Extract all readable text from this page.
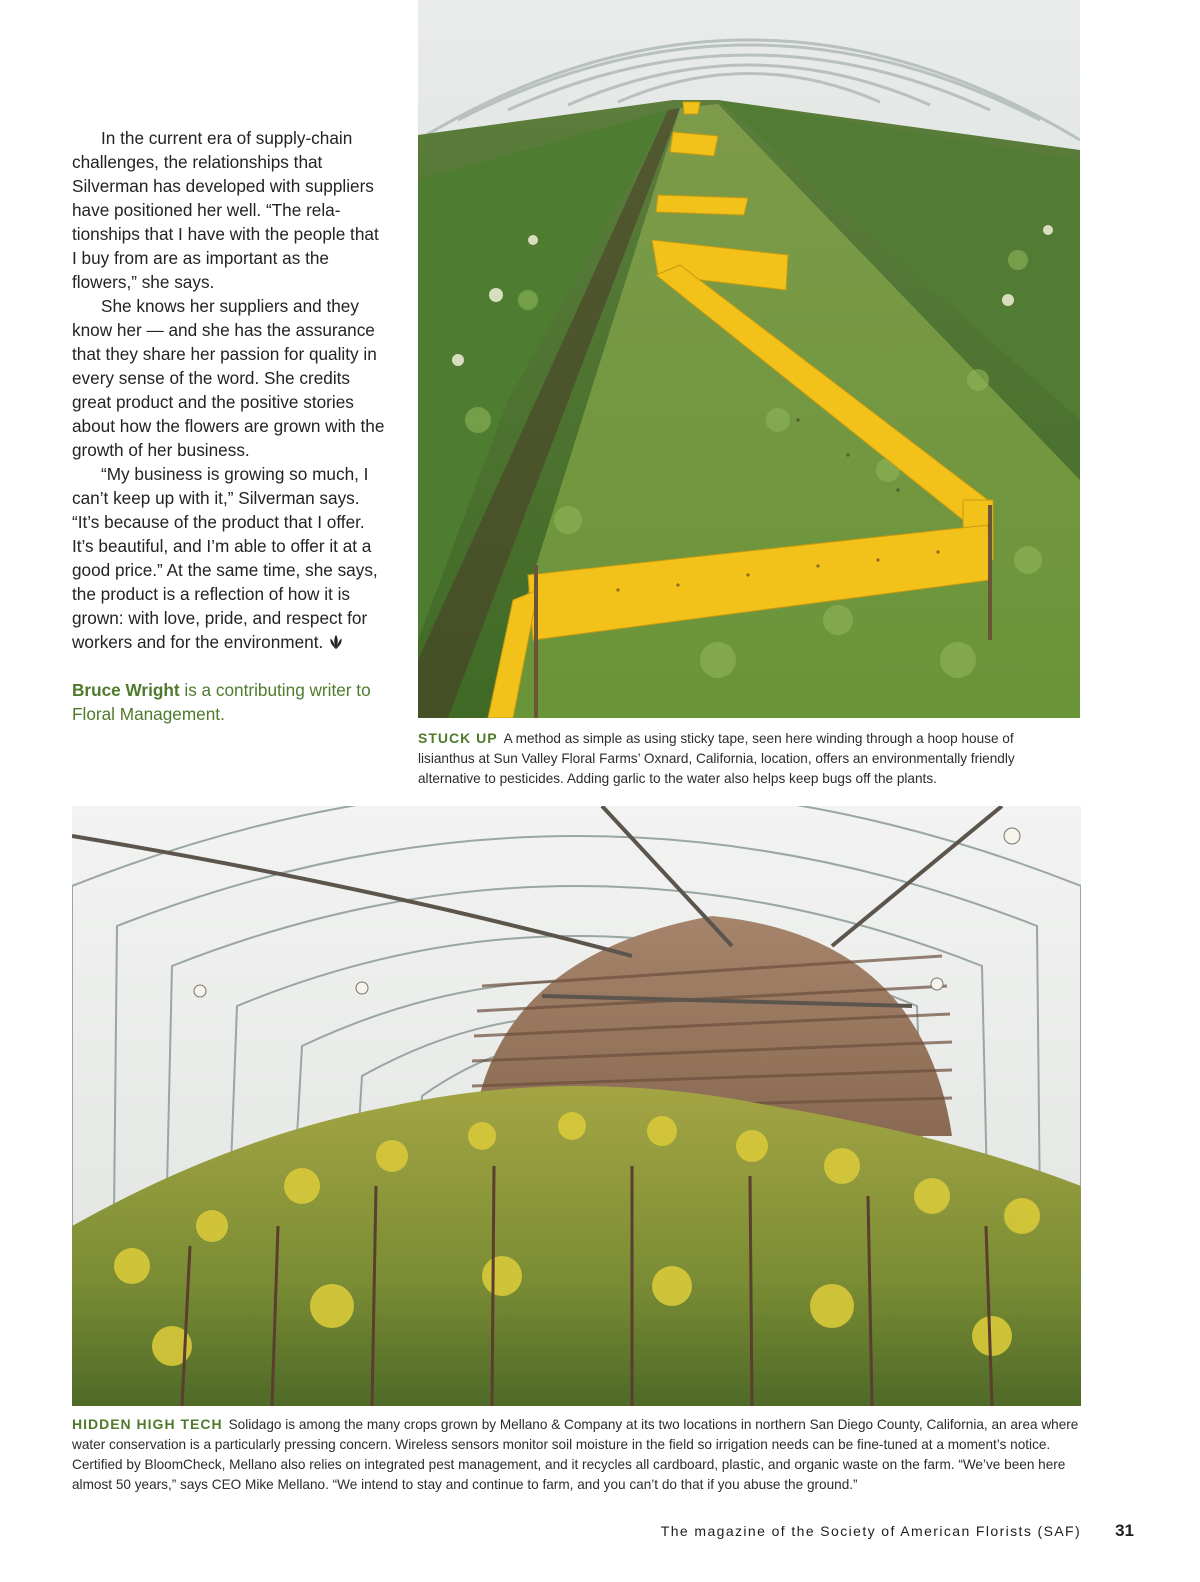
In the current era of supply-chain challenges, the relationships that Silverman has developed with suppliers have positioned her well. “The rela-tionships that I have with the people that I buy from are as important as the flowers,” she says.

She knows her suppliers and they know her — and she has the assurance that they share her passion for quality in every sense of the word. She credits great product and the positive stories about how the flowers are grown with the growth of her business.

“My business is growing so much, I can’t keep up with it,” Silverman says. “It’s because of the product that I offer. It’s beautiful, and I’m able to offer it at a good price.” At the same time, she says, the product is a reflection of how it is grown: with love, pride, and respect for workers and for the environment.

Bruce Wright is a contributing writer to Floral Management.

STUCK UP A method as simple as using sticky tape, seen here winding through a hoop house of lisianthus at Sun Valley Floral Farms’ Oxnard, California, location, offers an environmentally friendly alternative to pesticides. Adding garlic to the water also helps keep bugs off the plants.
HIDDEN HIGH TECH Solidago is among the many crops grown by Mellano & Company at its two locations in northern San Diego County, California, an area where water conservation is a particularly pressing concern. Wireless sensors monitor soil moisture in the field so irrigation needs can be fine-tuned at a moment’s notice. Certified by BloomCheck, Mellano also relies on integrated pest management, and it recycles all cardboard, plastic, and organic waste on the farm. “We’ve been here almost 50 years,” says CEO Mike Mellano. “We intend to stay and continue to farm, and you can’t do that if you abuse the ground.”
The magazine of the Society of American Florists (SAF) 31
